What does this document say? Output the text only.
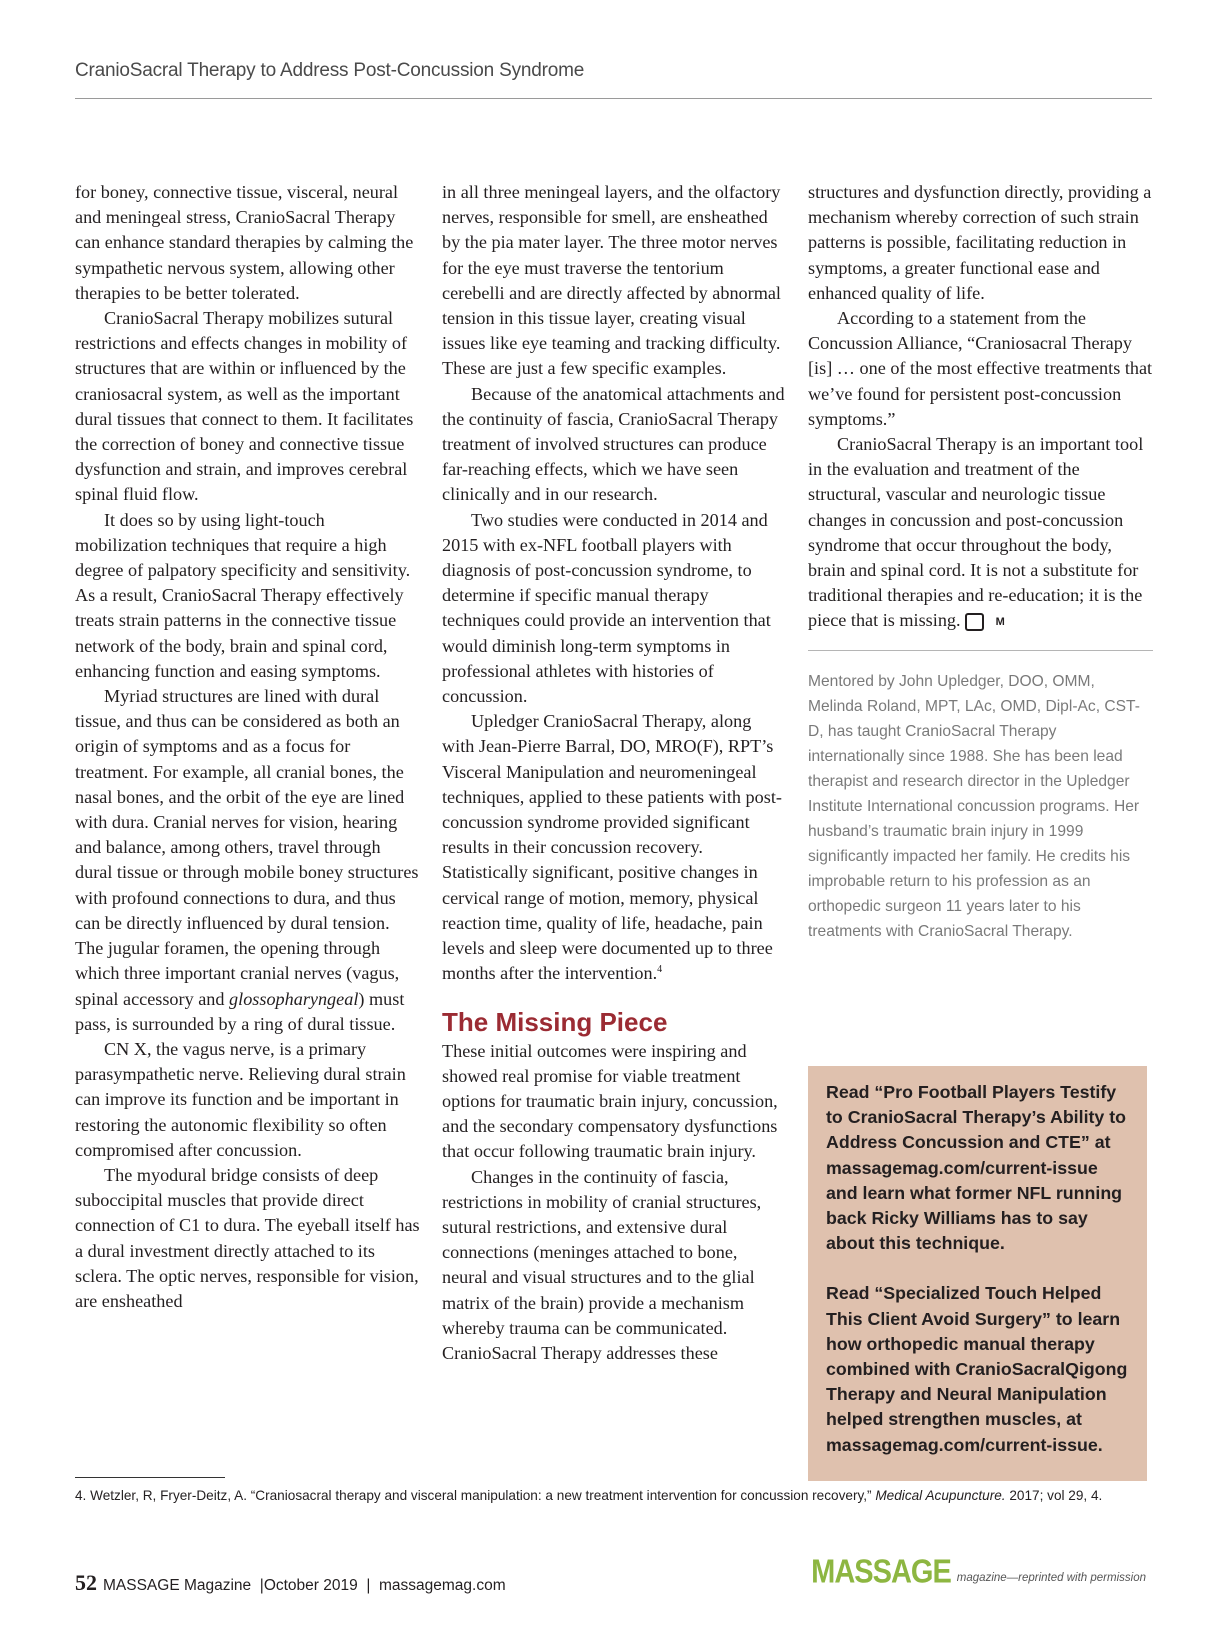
CranioSacral Therapy to Address Post-Concussion Syndrome

for boney, connective tissue, visceral, neural and meningeal stress, CranioSacral Therapy can enhance standard therapies by calming the sympathetic nervous system, allowing other therapies to be better tolerated.

CranioSacral Therapy mobilizes sutural restrictions and effects changes in mobility of structures that are within or influenced by the craniosacral system, as well as the important dural tissues that connect to them. It facilitates the correction of boney and connective tissue dysfunction and strain, and improves cerebral spinal fluid flow.

It does so by using light-touch mobilization techniques that require a high degree of palpatory specificity and sensitivity. As a result, CranioSacral Therapy effectively treats strain patterns in the connective tissue network of the body, brain and spinal cord, enhancing function and easing symptoms.

Myriad structures are lined with dural tissue, and thus can be considered as both an origin of symptoms and as a focus for treatment. For example, all cranial bones, the nasal bones, and the orbit of the eye are lined with dura. Cranial nerves for vision, hearing and balance, among others, travel through dural tissue or through mobile boney structures with profound connections to dura, and thus can be directly influenced by dural tension. The jugular foramen, the opening through which three important cranial nerves (vagus, spinal accessory and glossopharyngeal) must pass, is surrounded by a ring of dural tissue.

CN X, the vagus nerve, is a primary parasympathetic nerve. Relieving dural strain can improve its function and be important in restoring the autonomic flexibility so often compromised after concussion.

The myodural bridge consists of deep suboccipital muscles that provide direct connection of C1 to dura. The eyeball itself has a dural investment directly attached to its sclera. The optic nerves, responsible for vision, are ensheathed

in all three meningeal layers, and the olfactory nerves, responsible for smell, are ensheathed by the pia mater layer. The three motor nerves for the eye must traverse the tentorium cerebelli and are directly affected by abnormal tension in this tissue layer, creating visual issues like eye teaming and tracking difficulty. These are just a few specific examples.

Because of the anatomical attachments and the continuity of fascia, CranioSacral Therapy treatment of involved structures can produce far-reaching effects, which we have seen clinically and in our research.

Two studies were conducted in 2014 and 2015 with ex-NFL football players with diagnosis of post-concussion syndrome, to determine if specific manual therapy techniques could provide an intervention that would diminish long-term symptoms in professional athletes with histories of concussion.

Upledger CranioSacral Therapy, along with Jean-Pierre Barral, DO, MRO(F), RPT’s Visceral Manipulation and neuromeningeal techniques, applied to these patients with post-concussion syndrome provided significant results in their concussion recovery. Statistically significant, positive changes in cervical range of motion, memory, physical reaction time, quality of life, headache, pain levels and sleep were documented up to three months after the intervention.$^4$

The Missing Piece

These initial outcomes were inspiring and showed real promise for viable treatment options for traumatic brain injury, concussion, and the secondary compensatory dysfunctions that occur following traumatic brain injury.

Changes in the continuity of fascia, restrictions in mobility of cranial structures, sutural restrictions, and extensive dural connections (meninges attached to bone, neural and visual structures and to the glial matrix of the brain) provide a mechanism whereby trauma can be communicated. CranioSacral Therapy addresses these

structures and dysfunction directly, providing a mechanism whereby correction of such strain patterns is possible, facilitating reduction in symptoms, a greater functional ease and enhanced quality of life.

According to a statement from the Concussion Alliance, “Craniosacral Therapy [is] … one of the most effective treatments that we’ve found for persistent post-concussion symptoms.”

CranioSacral Therapy is an important tool in the evaluation and treatment of the structural, vascular and neurologic tissue changes in concussion and post-concussion syndrome that occur throughout the body, brain and spinal cord. It is not a substitute for traditional therapies and re-education; it is the piece that is missing.	M

Mentored by John Upledger, DOO, OMM, Melinda Roland, MPT, LAc, OMD, Dipl-Ac, CST-D, has taught CranioSacral Therapy internationally since 1988. She has been lead therapist and research director in the Upledger Institute International concussion programs. Her husband’s traumatic brain injury in 1999 significantly impacted her family. He credits his improbable return to his profession as an orthopedic surgeon 11 years later to his treatments with CranioSacral Therapy.

Read “Pro Football Players Testify to CranioSacral Therapy’s Ability to Address Concussion and CTE” at massagemag.com/current-issue and learn what former NFL running back Ricky Williams has to say about this technique.

Read “Specialized Touch Helped This Client Avoid Surgery” to learn how orthopedic manual therapy combined with CranioSacralQigong Therapy and Neural Manipulation helped strengthen muscles, at massagemag.com/current-issue.

4. Wetzler, R, Fryer-Deitz, A. “Craniosacral therapy and visceral manipulation: a new treatment intervention for concussion recovery,” Medical Acupuncture. 2017; vol 29, 4.
52 MASSAGE Magazine  |October 2019  |  massagemag.com	MASSAGE magazine—reprinted with permission
